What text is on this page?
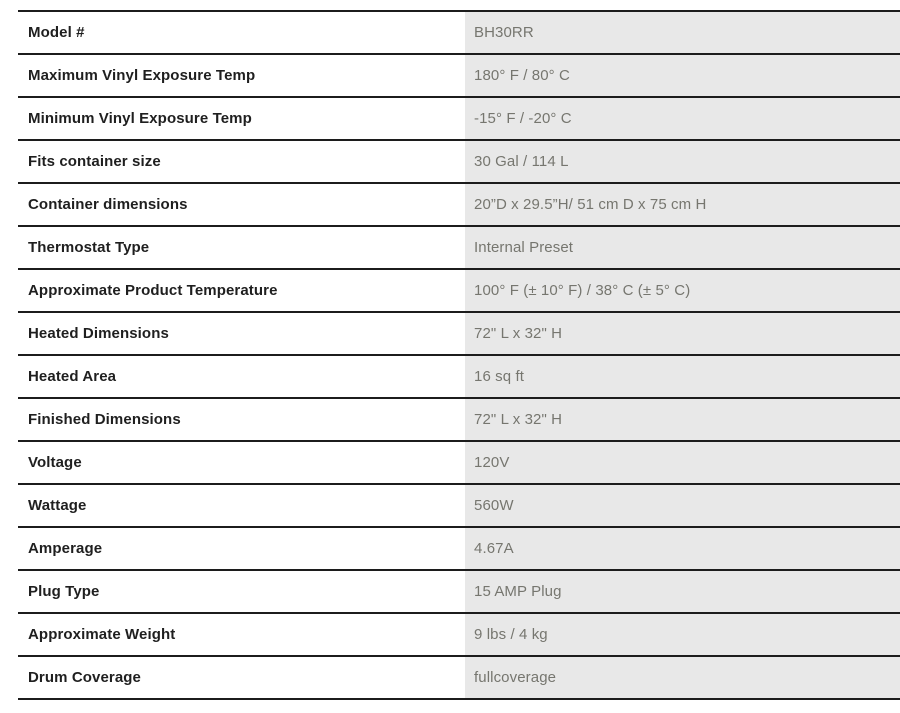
Model #	BH30RR
Maximum Vinyl Exposure Temp	180° F / 80° C
Minimum Vinyl Exposure Temp	-15° F / -20° C
Fits container size	30 Gal / 114 L
Container dimensions	20”D x 29.5”H/ 51 cm D x 75 cm H
Thermostat Type	Internal Preset
Approximate Product Temperature	100° F (± 10° F) / 38° C (± 5° C)
Heated Dimensions	72" L x 32" H
Heated Area	16 sq ft
Finished Dimensions	72" L x 32" H
Voltage	120V
Wattage	560W
Amperage	4.67A
Plug Type	15 AMP Plug
Approximate Weight	9 lbs / 4 kg
Drum Coverage	fullcoverage
